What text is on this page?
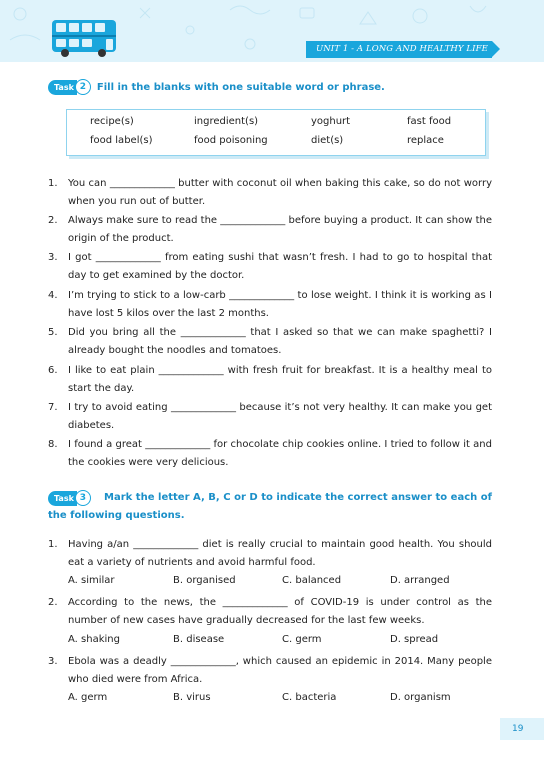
UNIT 1 - A LONG AND HEALTHY LIFE
Task 2	Fill in the blanks with one suitable word or phrase.
recipe(s)	ingredient(s)	yoghurt	fast food
food label(s)	food poisoning	diet(s)	replace
1. You can _____________ butter with coconut oil when baking this cake, so do not worry when you run out of butter.
2. Always make sure to read the _____________ before buying a product. It can show the origin of the product.
3. I got _____________ from eating sushi that wasn’t fresh. I had to go to hospital that day to get examined by the doctor.
4. I’m trying to stick to a low-carb _____________ to lose weight. I think it is working as I have lost 5 kilos over the last 2 months.
5. Did you bring all the _____________ that I asked so that we can make spaghetti? I already bought the noodles and tomatoes.
6. I like to eat plain _____________ with fresh fruit for breakfast. It is a healthy meal to start the day.
7. I try to avoid eating _____________ because it’s not very healthy. It can make you get diabetes.
8. I found a great _____________ for chocolate chip cookies online. I tried to follow it and the cookies were very delicious.
Task 3	Mark the letter A, B, C or D to indicate the correct answer to each of the following questions.
1. Having a/an _____________ diet is really crucial to maintain good health. You should eat a variety of nutrients and avoid harmful food.
A. similar	B. organised	C. balanced	D. arranged
2. According to the news, the _____________ of COVID-19 is under control as the number of new cases have gradually decreased for the last few weeks.
A. shaking	B. disease	C. germ	D. spread
3. Ebola was a deadly _____________, which caused an epidemic in 2014. Many people who died were from Africa.
A. germ	B. virus	C. bacteria	D. organism
19
